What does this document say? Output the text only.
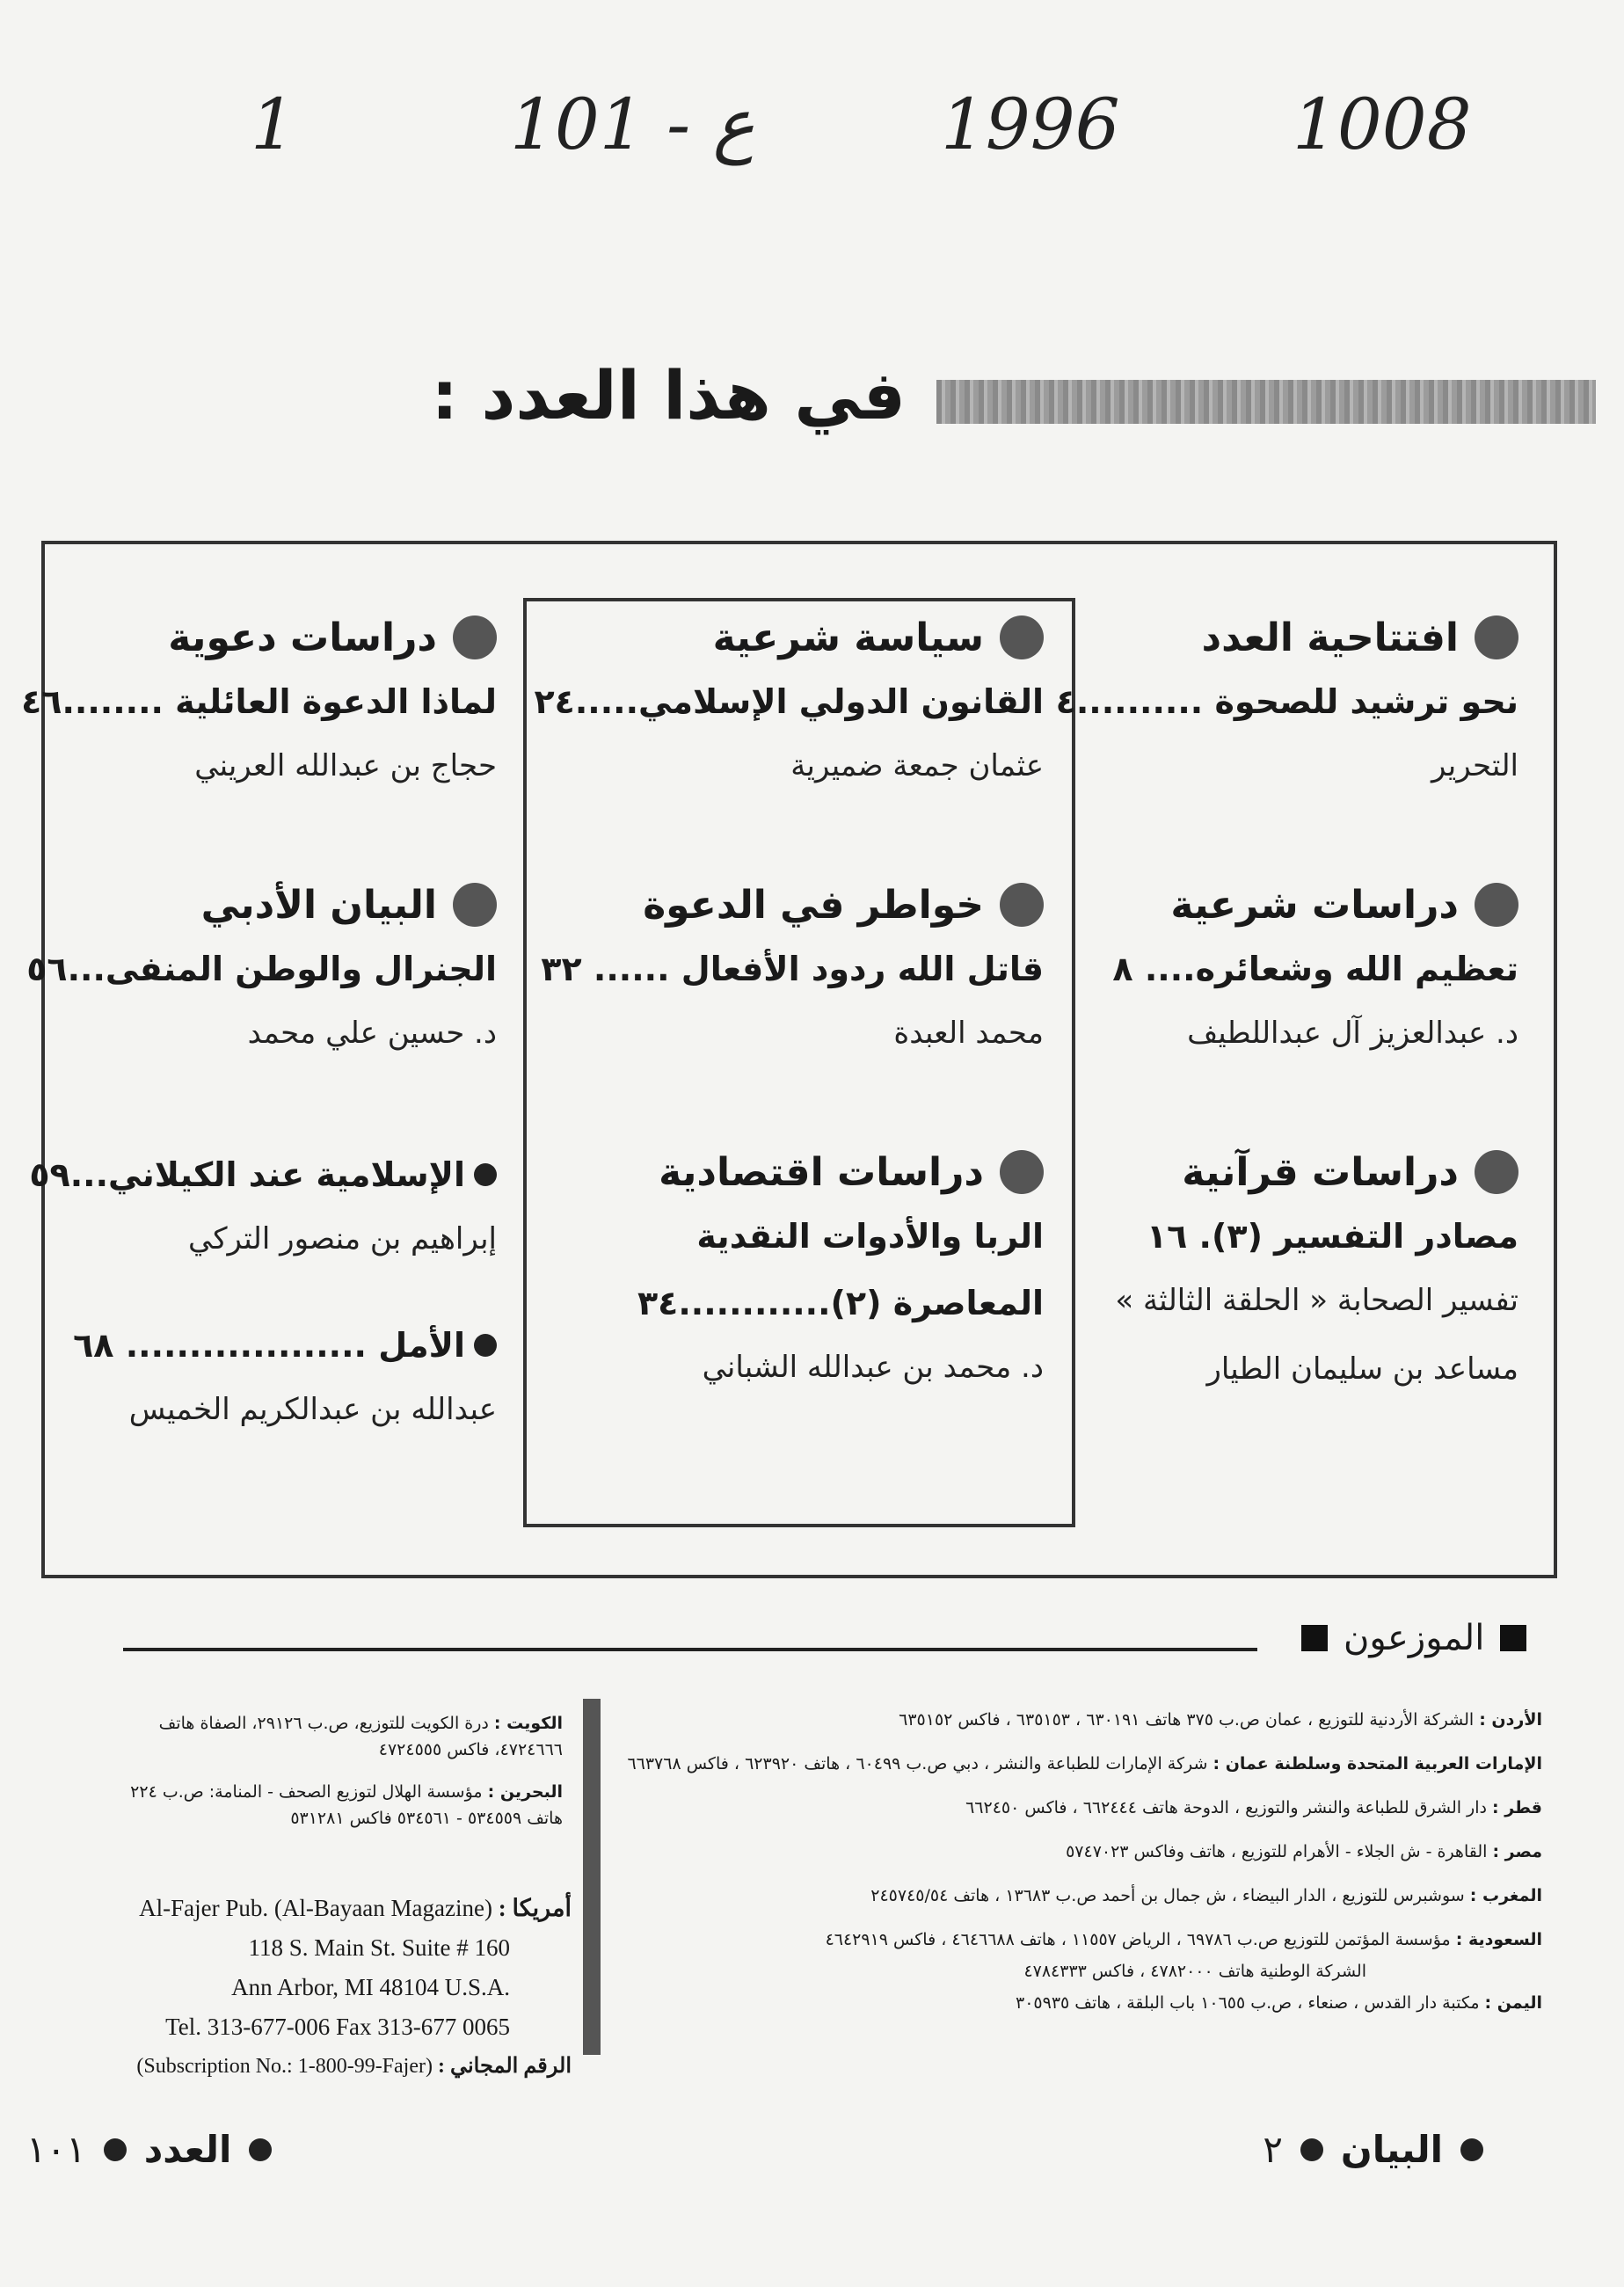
1	101 - ع	1996 1008
في هذا العدد :
افتتاحية العدد
نحو ترشيد للصحوة ..........٤
التحرير
دراسات شرعية
تعظيم الله وشعائره.... ٨
د. عبدالعزيز آل عبداللطيف
دراسات قرآنية
مصادر التفسير (٣). ١٦
تفسير الصحابة « الحلقة الثالثة »
مساعد بن سليمان الطيار
سياسة شرعية
القانون الدولي الإسلامي.....٢٤
عثمان جمعة ضميرية
خواطر في الدعوة
قاتل الله ردود الأفعال ...... ٣٢
محمد العبدة
دراسات اقتصادية
الربا والأدوات النقدية
المعاصرة (٢)............٣٤
د. محمد بن عبدالله الشباني
دراسات دعوية
لماذا الدعوة العائلية ........٤٦
حجاج بن عبدالله العريني
البيان الأدبي
الجنرال والوطن المنفى...٥٦
د. حسين علي محمد
الإسلامية عند الكيلاني...٥٩
إبراهيم بن منصور التركي
الأمل ................... ٦٨
عبدالله بن عبدالكريم الخميس
الموزعون
الأردن : الشركة الأردنية للتوزيع ، عمان ص.ب ٣٧٥ هاتف ٦٣٠١٩١ ، ٦٣٥١٥٣ ، فاكس ٦٣٥١٥٢
الإمارات العربية المتحدة وسلطنة عمان : شركة الإمارات للطباعة والنشر ، دبي ص.ب ٦٠٤٩٩ ، هاتف ٦٢٣٩٢٠ ، فاكس ٦٦٣٧٦٨
قطر : دار الشرق للطباعة والنشر والتوزيع ، الدوحة هاتف ٦٦٢٤٤٤ ، فاكس ٦٦٢٤٥٠
مصر : القاهرة - ش الجلاء - الأهرام للتوزيع ، هاتف وفاكس ٥٧٤٧٠٢٣
المغرب : سوشبرس للتوزيع ، الدار البيضاء ، ش جمال بن أحمد ص.ب ١٣٦٨٣ ، هاتف ٢٤٥٧٤٥/٥٤
السعودية : مؤسسة المؤتمن للتوزيع ص.ب ٦٩٧٨٦ ، الرياض ١١٥٥٧ ، هاتف ٤٦٤٦٦٨٨ ، فاكس ٤٦٤٢٩١٩
الشركة الوطنية هاتف ٤٧٨٢٠٠٠ ، فاكس ٤٧٨٤٣٣٣
اليمن : مكتبة دار القدس ، صنعاء ، ص.ب ١٠٦٥٥ باب البلقة ، هاتف ٣٠٥٩٣٥
الكويت : درة الكويت للتوزيع، ص.ب ٢٩١٢٦، الصفاة هاتف ٤٧٢٤٦٦٦، فاكس ٤٧٢٤٥٥٥
البحرين : مؤسسة الهلال لتوزيع الصحف - المنامة: ص.ب ٢٢٤ هاتف ٥٣٤٥٥٩ - ٥٣٤٥٦١ فاكس ٥٣١٢٨١
أمريكا : Al-Fajer Pub. (Al-Bayaan Magazine)
118 S. Main St. Suite # 160
Ann Arbor, MI 48104 U.S.A.
Tel. 313-677-006 Fax 313-677 0065
الرقم المجاني : (Subscription No.: 1-800-99-Fajer)
البيان
٢
العدد
١٠١
